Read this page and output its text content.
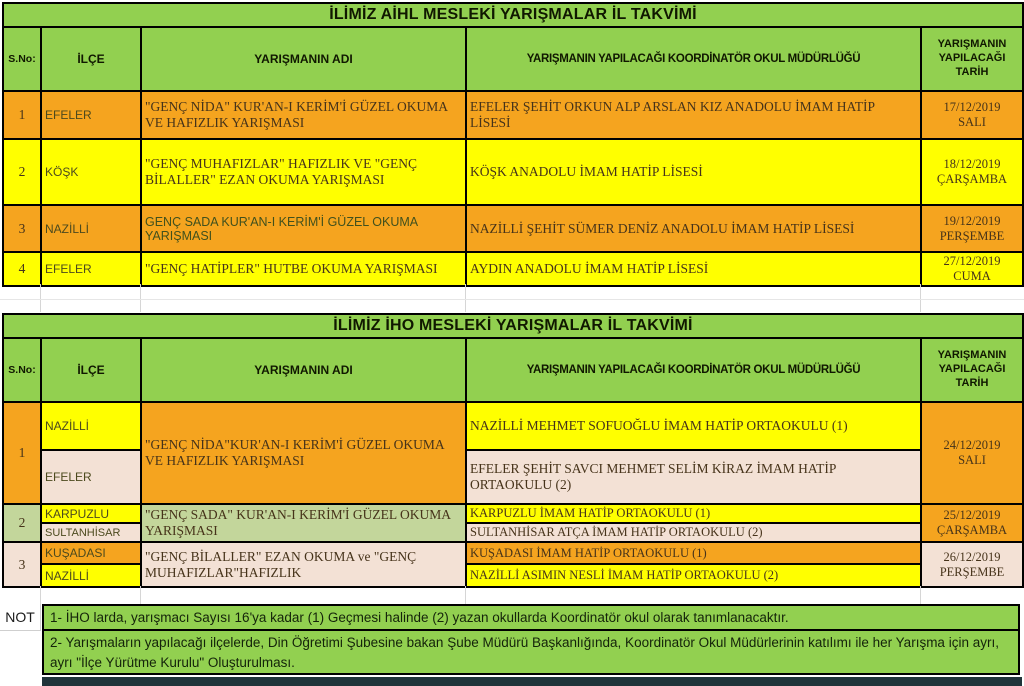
İLİMİZ AİHL MESLEKİ YARIŞMALAR İL TAKVİMİ				
S.No:	İLÇE	YARIŞMANIN ADI	YARIŞMANIN YAPILACAĞI KOORDİNATÖR OKUL MÜDÜRLÜĞÜ	YARIŞMANIN YAPILACAĞI TARİH
1	EFELER	"GENÇ NİDA" KUR'AN-I KERİM'İ GÜZEL OKUMA VE HAFIZLIK YARIŞMASI	EFELER ŞEHİT ORKUN ALP ARSLAN KIZ ANADOLU İMAM HATİP LİSESİ	17/12/2019
SALI

2	KÖŞK	"GENÇ MUHAFIZLAR" HAFIZLIK VE "GENÇ BİLALLER" EZAN OKUMA YARIŞMASI	KÖŞK ANADOLU İMAM HATİP LİSESİ	18/12/2019
ÇARŞAMBA

3	NAZİLLİ	GENÇ SADA KUR'AN-I KERİM'İ GÜZEL OKUMA YARIŞMASI	NAZİLLİ ŞEHİT SÜMER DENİZ ANADOLU İMAM HATİP LİSESİ	19/12/2019
PERŞEMBE

4	EFELER	"GENÇ HATİPLER" HUTBE OKUMA YARIŞMASI	AYDIN ANADOLU İMAM HATİP LİSESİ	27/12/2019
CUMA
İLİMİZ İHO MESLEKİ YARIŞMALAR İL TAKVİMİ				
S.No:	İLÇE	YARIŞMANIN ADI	YARIŞMANIN YAPILACAĞI KOORDİNATÖR OKUL MÜDÜRLÜĞÜ	YARIŞMANIN YAPILACAĞI TARİH
1	NAZİLLİ	"GENÇ NİDA"KUR'AN-I KERİM'İ GÜZEL OKUMA VE HAFIZLIK YARIŞMASI	NAZİLLİ MEHMET SOFUOĞLU İMAM HATİP ORTAOKULU (1)	24/12/2019
SALI

	EFELER		EFELER ŞEHİT SAVCI MEHMET SELİM KİRAZ İMAM HATİP ORTAOKULU (2)	
2	KARPUZLU	"GENÇ SADA" KUR'AN-I KERİM'İ GÜZEL OKUMA YARIŞMASI	KARPUZLU İMAM HATİP ORTAOKULU (1)	25/12/2019
ÇARŞAMBA

	SULTANHİSAR		SULTANHİSAR ATÇA İMAM HATİP ORTAOKULU (2)	
3	KUŞADASI	"GENÇ BİLALLER" EZAN OKUMA ve "GENÇ MUHAFIZLAR"HAFIZLIK	KUŞADASI İMAM HATİP ORTAOKULU (1)	26/12/2019
PERŞEMBE

	NAZİLLİ		NAZİLLİ ASIMIN NESLİ İMAM HATİP ORTAOKULU (2)	
NOT	1- İHO larda, yarışmacı Sayısı 16'ya kadar (1) Geçmesi halinde (2) yazan okullarda Koordinatör okul olarak tanımlanacaktır.
2- Yarışmaların yapılacağı ilçelerde, Din Öğretimi Şubesine bakan Şube Müdürü Başkanlığında, Koordinatör Okul Müdürlerinin katılımı ile her Yarışma için ayrı, ayrı "İlçe Yürütme Kurulu" Oluşturulması.
